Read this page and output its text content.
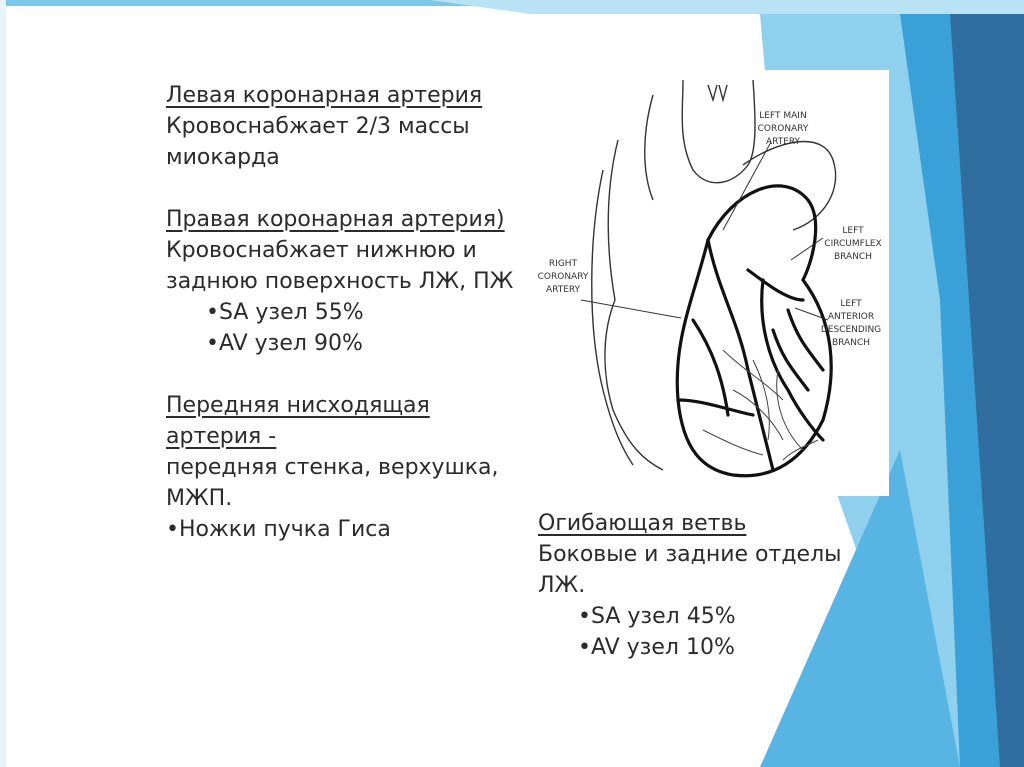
Левая коронарная артерия
Кровоснабжает 2/3 массы
миокарда
Правая коронарная артерия)
Кровоснабжает нижнюю и
заднюю поверхность ЛЖ, ПЖ
•SA узел 55%
•AV узел 90%
Передняя нисходящая
артерия -
передняя стенка, верхушка,
МЖП.
•Ножки пучка Гиса
LEFT MAIN
CORONARY
ARTERY
LEFT
CIRCUMFLEX
BRANCH
LEFT
ANTERIOR
DESCENDING
BRANCH
RIGHT
CORONARY
ARTERY
Огибающая ветвь
Боковые и задние отделы
ЛЖ.
•SA узел 45%
•AV узел 10%
